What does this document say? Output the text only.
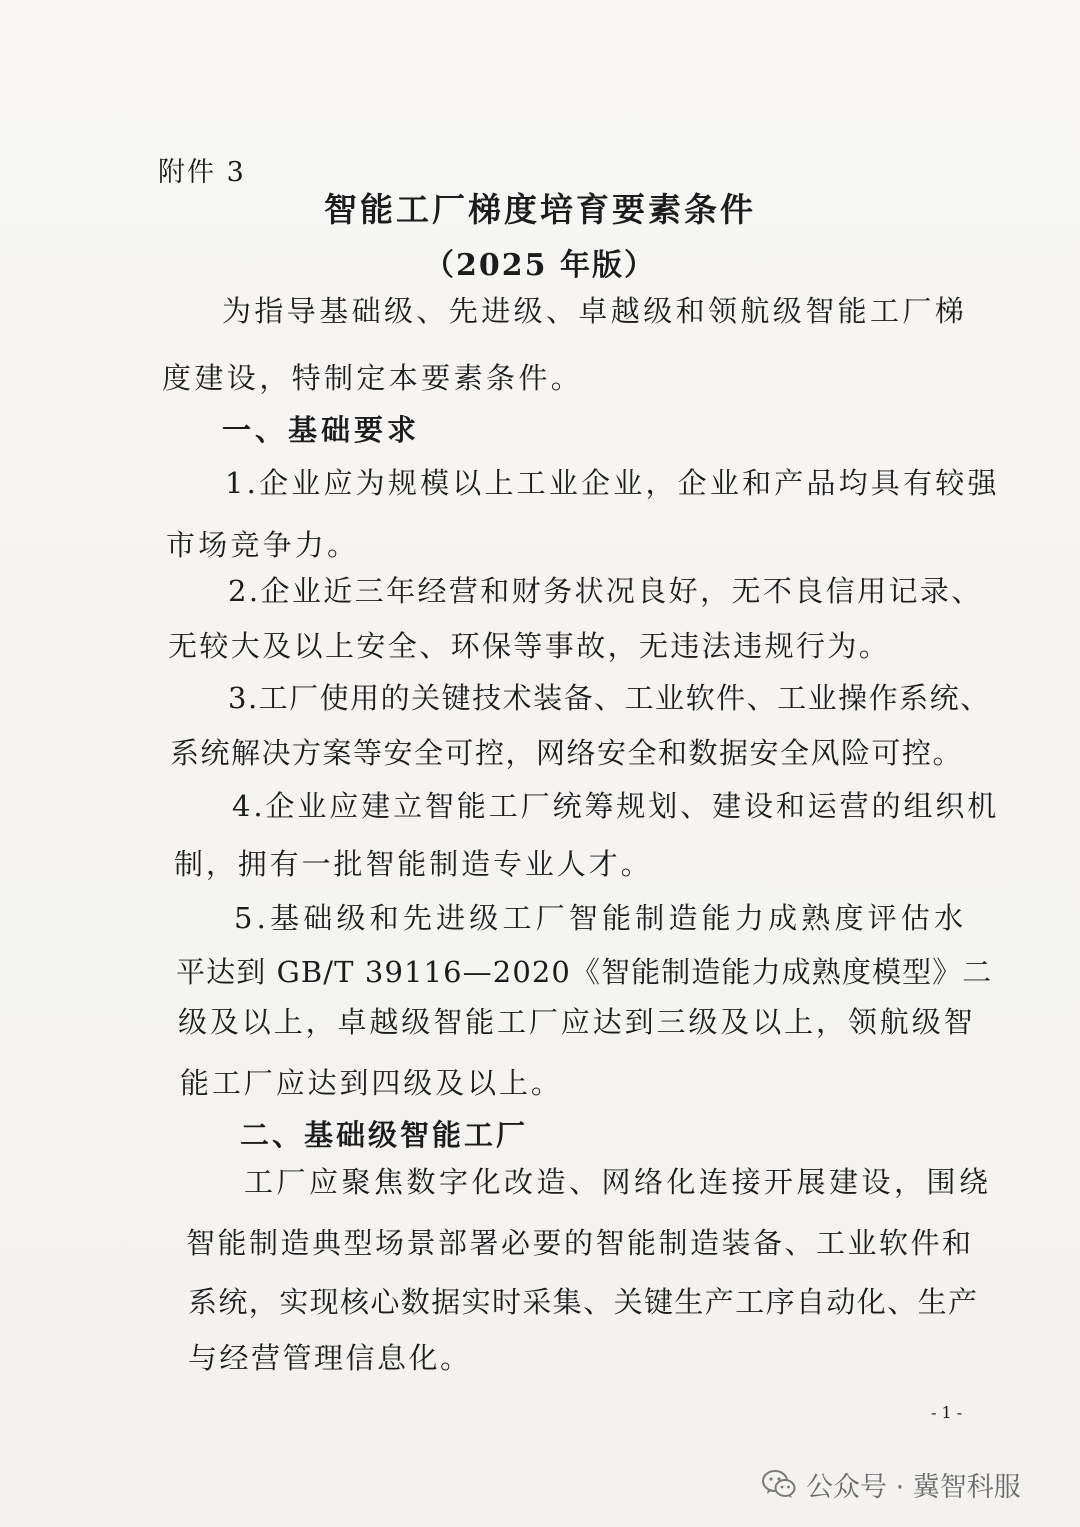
附件 3
智能工厂梯度培育要素条件
（2025 年版）
为指导基础级、先进级、卓越级和领航级智能工厂梯
度建设，特制定本要素条件。
一、基础要求
1.企业应为规模以上工业企业，企业和产品均具有较强
市场竞争力。
2.企业近三年经营和财务状况良好，无不良信用记录、
无较大及以上安全、环保等事故，无违法违规行为。
3.工厂使用的关键技术装备、工业软件、工业操作系统、
系统解决方案等安全可控，网络安全和数据安全风险可控。
4.企业应建立智能工厂统筹规划、建设和运营的组织机
制，拥有一批智能制造专业人才。
5.基础级和先进级工厂智能制造能力成熟度评估水
平达到 GB/T 39116—2020《智能制造能力成熟度模型》二
级及以上，卓越级智能工厂应达到三级及以上，领航级智
能工厂应达到四级及以上。
二、基础级智能工厂
工厂应聚焦数字化改造、网络化连接开展建设，围绕
智能制造典型场景部署必要的智能制造装备、工业软件和
系统，实现核心数据实时采集、关键生产工序自动化、生产
与经营管理信息化。
- 1 -
公众号 · 冀智科服
